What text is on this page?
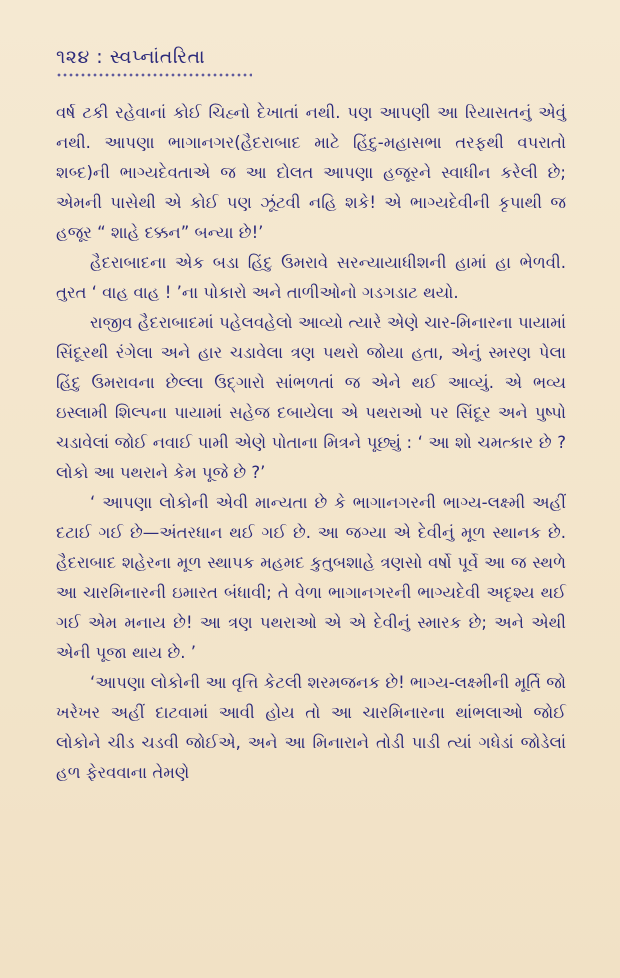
૧૨૪ : સ્વપ્નાંતરિતા

વર્ષ ટકી રહેવાનાં કોઈ ચિહ્નો દેખાતાં નથી. પણ આપણી આ રિયાસતનું એવું નથી. આપણા ભાગાનગર(હૈદરાબાદ માટે હિંદુ-મહાસભા તરફથી વપરાતો શબ્દ)ની ભાગ્યદેવતાએ જ આ દોલત આપણા હજૂરને સ્વાધીન કરેલી છે; એમની પાસેથી એ કોઈ પણ ઝૂંટવી નહિ શકે! એ ભાગ્યદેવીની કૃપાથી જ હજૂર “ શાહે દક્કન” બન્યા છે!’

હૈદરાબાદના એક બડા હિંદુ ઉમરાવે સરન્યાયાધીશની હામાં હા ભેળવી. તુરત ‘ વાહ વાહ ! ’ના પોકારો અને તાળીઓનો ગડગડાટ થયો.

રાજીવ હૈદરાબાદમાં પહેલવહેલો આવ્યો ત્યારે એણે ચાર-મિનારના પાયામાં સિંદૂરથી રંગેલા અને હાર ચડાવેલા ત્રણ પથરો જોયા હતા, એનું સ્મરણ પેલા હિંદુ ઉમરાવના છેલ્લા ઉદ્ગારો સાંભળતાં જ એને થઈ આવ્યું. એ ભવ્ય ઇસ્લામી શિલ્પના પાયામાં સહેજ દબાયેલા એ પથરાઓ પર સિંદૂર અને પુષ્પો ચડાવેલાં જોઈ નવાઈ પામી એણે પોતાના મિત્રને પૂછ્યું : ‘ આ શો ચમત્કાર છે ? લોકો આ પથરાને કેમ પૂજે છે ?’

‘ આપણા લોકોની એવી માન્યતા છે કે ભાગાનગરની ભાગ્ય-લક્ષ્મી અહીં દટાઈ ગઈ છે—અંતરધાન થઈ ગઈ છે. આ જગ્યા એ દેવીનું મૂળ સ્થાનક છે. હૈદરાબાદ શહેરના મૂળ સ્થાપક મહમદ કુતુબશાહે ત્રણસો વર્ષો પૂર્વે આ જ સ્થળે આ ચારમિનારની ઇમારત બંધાવી; તે વેળા ભાગાનગરની ભાગ્યદેવી અદૃશ્ય થઈ ગઈ એમ મનાય છે! આ ત્રણ પથરાઓ એ એ દેવીનું સ્મારક છે; અને એથી એની પૂજા થાય છે. ’

‘આપણા લોકોની આ વૃત્તિ કેટલી શરમજનક છે! ભાગ્ય-લક્ષ્મીની મૂર્તિ જો ખરેખર અહીં દાટવામાં આવી હોય તો આ ચારમિનારના થાંભલાઓ જોઈ લોકોને ચીડ ચડવી જોઈએ, અને આ મિનારાને તોડી પાડી ત્યાં ગધેડાં જોડેલાં હળ ફેરવવાના તેમણે
